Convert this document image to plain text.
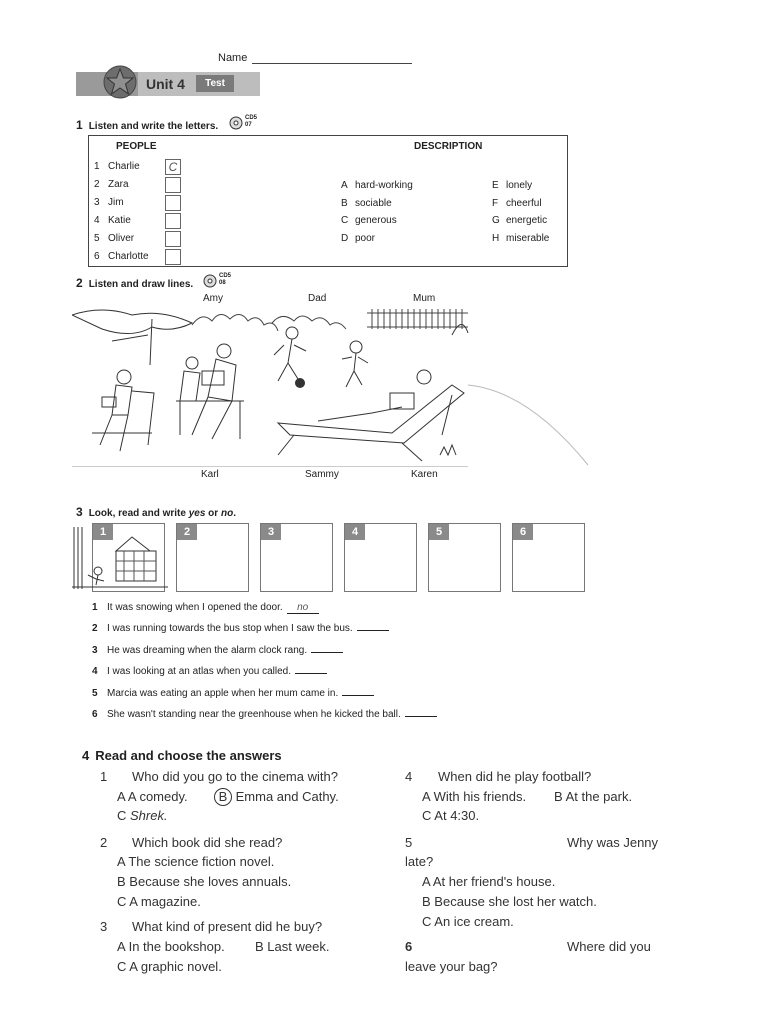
Name
Unit 4	Test
1 Listen and write the letters.
CD5
07
PEOPLE	DESCRIPTION
1 Charlie C
2 Zara
3 Jim
4 Katie
5 Oliver
6 Charlotte
A hard-working
B sociable
C generous
D poor
E lonely
F cheerful
G energetic
H miserable
2 Listen and draw lines.
CD5
08
Amy	Dad	Mum
Karl	Sammy	Karen
3 Look, read and write yes or no.
1	2	3	4	5	6
1 It was snowing when I opened the door. no
2 I was running towards the bus stop when I saw the bus.
3 He was dreaming when the alarm clock rang.
4 I was looking at an atlas when you called.
5 Marcia was eating an apple when her mum came in.
6 She wasn't standing near the greenhouse when he kicked the ball.
4 Read and choose the answers
1 Who did you go to the cinema with?
A A comedy.	B Emma and Cathy.
C Shrek.
2 Which book did she read?
A The science fiction novel.
B Because she loves annuals.
C A magazine.
3 What kind of present did he buy?
A In the bookshop. B Last week.
C A graphic novel.
4 When did he play football?
A With his friends. B At the park.
C At 4:30.
5	Why was Jenny
late?
A At her friend's house.
B Because she lost her watch.
C An ice cream.
6	Where did you
leave your bag?
